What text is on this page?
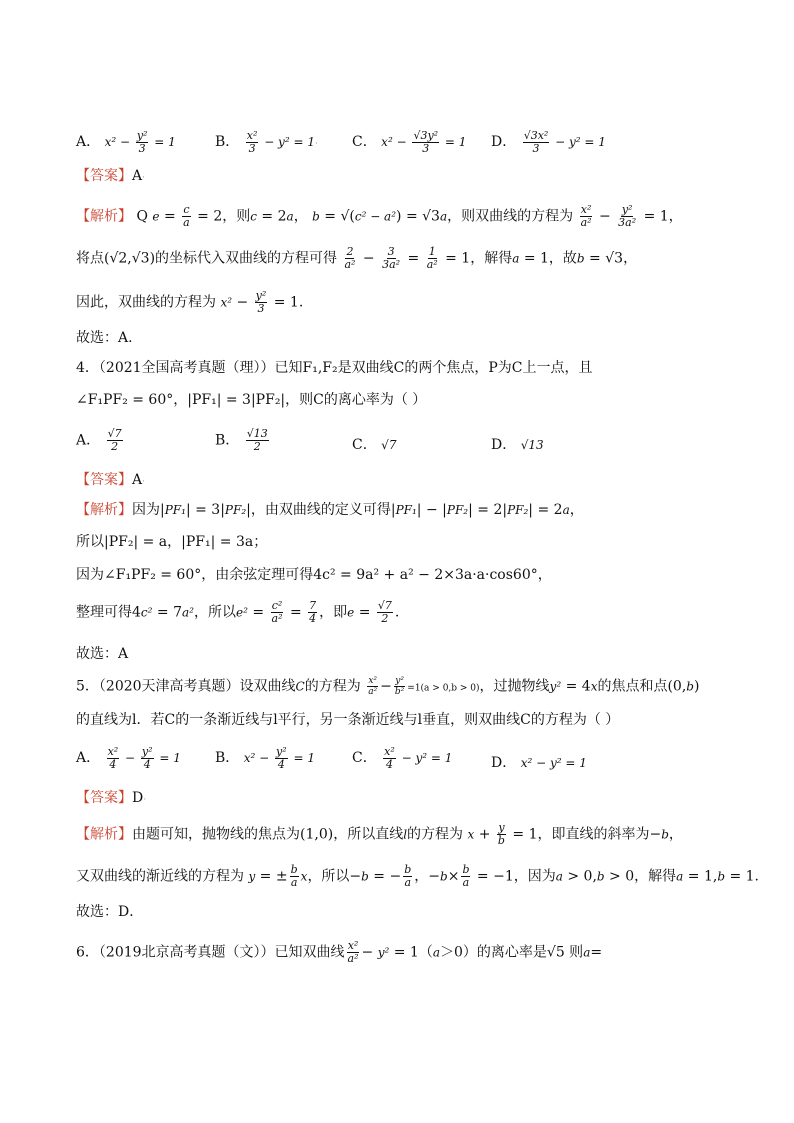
A． $x^2 - \frac{\text{y²}}{3} = 1$	B． $\frac{\text{x²}}{3} - y^2 = 1\cdot C$． $x^2 - \frac{\text{√3y²}}{3} = 1$ D． $\frac{\text{√3x²}}{3} - y^2 = 1$
【答案】A·
【解析】 Q $e = \frac{c}{a} = 2$，则c = 2a， b = √(c² − a²) = √3a，则双曲线的方程为 $\frac{\text{x²}}{\text{a²}} - \frac{\text{y²}}{\text{3a²}} = 1$，
将点(√2,√3)的坐标代入双曲线的方程可得 $\frac{2}{\text{a²}} - \frac{3}{\text{3a²}} = \frac{1}{\text{a²}} = 1$，解得a = 1，故b = √3，
因此，双曲线的方程为 $x^2 - \frac{\text{y²}}{3} = 1$.
故选：A.
4．（2021全国高考真题（理））已知F₁,F₂是双曲线C的两个焦点，P为C上一点，且
∠F₁PF₂ = 60°，|PF₁| = 3|PF₂|，则C的离心率为（ ）
A． $\frac{√7}{2}$	B． $\frac{√13}{2}$	C． √7	D． √13
【答案】A·
【解析】因为|PF₁| = 3|PF₂|，由双曲线的定义可得|PF₁| − |PF₂| = 2|PF₂| = 2a，
所以|PF₂| = a，|PF₁| = 3a；
因为∠F₁PF₂ = 60°，由余弦定理可得4c² = 9a² + a² − 2×3a·a·cos60°，
整理可得4c² = 7a²，所以$e^2 = \frac{\text{c²}}{\text{a²}} = \frac{7}{4}$ ，即$e = \frac{√7}{2}$ .
故选：A
5．（2020天津高考真题）设双曲线C的方程为 $\frac{\text{x²}}{\text{a²}} - \frac{\text{y²}}{\text{b²}} =1(a > 0,b > 0)$，过抛物线y² = 4x的焦点和点(0,b)
的直线为l．若C的一条渐近线与l平行，另一条渐近线与l垂直，则双曲线C的方程为（ ）
A． $\frac{\text{x²}}{4} - \frac{\text{y²}}{4} = 1$ B． $x^2 - \frac{\text{y²}}{4} = 1$	C． $\frac{\text{x²}}{4} - y^2 = 1$	D． x² − y² = 1
【答案】D·
【解析】由题可知，抛物线的焦点为(1,0)，所以直线l的方程为 $x + \frac{y}{b} = 1$，即直线的斜率为−b，
又双曲线的渐近线的方程为 y = ± $\frac{b}{a}$ x，所以−b = − $\frac{b}{a}$ ，$-b\times \frac{b}{a} = -1$，因为a > 0,b > 0，解得a = 1,b = 1.
故选：D．
6．（2019北京高考真题（文））已知双曲线 $\frac{\text{x²}}{\text{a²}} - y^2 = 1(a>0)$的离心率是√5 则a=
